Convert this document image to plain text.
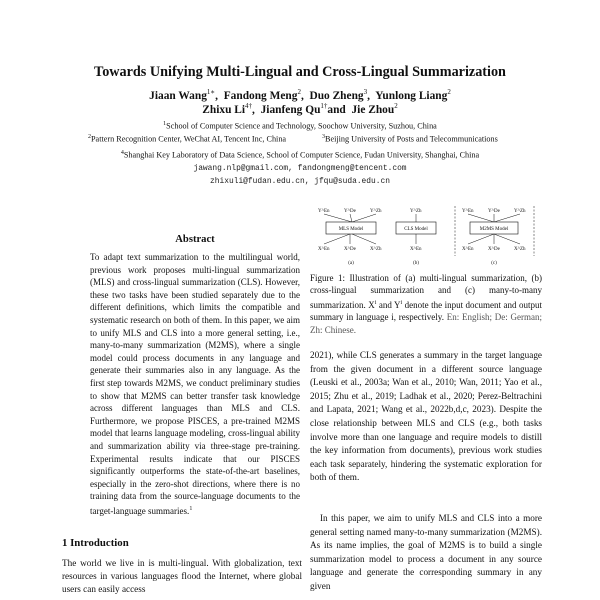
Towards Unifying Multi-Lingual and Cross-Lingual Summarization
Jiaan Wang$^{1∗}$,  Fandong Meng$^2$,  Duo Zheng$^3$,  Yunlong Liang$^2$
Zhixu $Li^{4\dagger}$,  Jianfeng $Qu^{1\dagger}and$  Jie Zhou$^2$
$^1$School of Computer Science and Technology, Soochow University, Suzhou, China
$^2$Pattern Recognition Center, WeChat AI, Tencent Inc, China	$^3$Beijing University of Posts and Telecommunications
$^4$Shanghai Key Laboratory of Data Science, School of Computer Science, Fudan University, Shanghai, China
jawang.nlp@gmail.com, fandongmeng@tencent.com
zhixuli@fudan.edu.cn, jfqu@suda.edu.cn
Abstract
To adapt text summarization to the multilingual world, previous work proposes multi-lingual summarization (MLS) and cross-lingual summarization (CLS). However, these two tasks have been studied separately due to the different definitions, which limits the compatible and systematic research on both of them. In this paper, we aim to unify MLS and CLS into a more general setting, i.e., many-to-many summarization (M2MS), where a single model could process documents in any language and generate their summaries also in any language. As the first step towards M2MS, we conduct preliminary studies to show that M2MS can better transfer task knowledge across different languages than MLS and CLS. Furthermore, we propose PISCES, a pre-trained M2MS model that learns language modeling, cross-lingual ability and summarization ability via three-stage pre-training. Experimental results indicate that our PISCES significantly outperforms the state-of-the-art baselines, especially in the zero-shot directions, where there is no training data from the source-language documents to the target-language summaries.$^1$
1 Introduction
The world we live in is multi-lingual. With globalization, text resources in various languages flood the Internet, where global users can easily access
Y^En	Y^De	Y^Zh
MLS Model
X^En	X^De	X^Zh
(a)
Y^Zh
CLS Model
X^En
(b)
Y^En	Y^De	Y^Zh
M2MS Model
X^En	X^De	X^Zh
(c)
Figure 1: Illustration of (a) multi-lingual summarization, (b) cross-lingual summarization and (c) many-to-many summarization. $X^i$ and $Y^i$ denote the input document and output summary in language i, respectively. En: English; De: German; Zh: Chinese.
2021), while CLS generates a summary in the target language from the given document in a different source language (Leuski et al., 2003a; Wan et al., 2010; Wan, 2011; Yao et al., 2015; Zhu et al., 2019; Ladhak et al., 2020; Perez-Beltrachini and Lapata, 2021; Wang et al., 2022b,d,c, 2023). Despite the close relationship between MLS and CLS (e.g., both tasks involve more than one language and require models to distill the key information from documents), previous work studies each task separately, hindering the systematic exploration for both of them.
In this paper, we aim to unify MLS and CLS into a more general setting named many-to-many summarization (M2MS). As its name implies, the goal of M2MS is to build a single summarization model to process a document in any source language and generate the corresponding summary in any given
